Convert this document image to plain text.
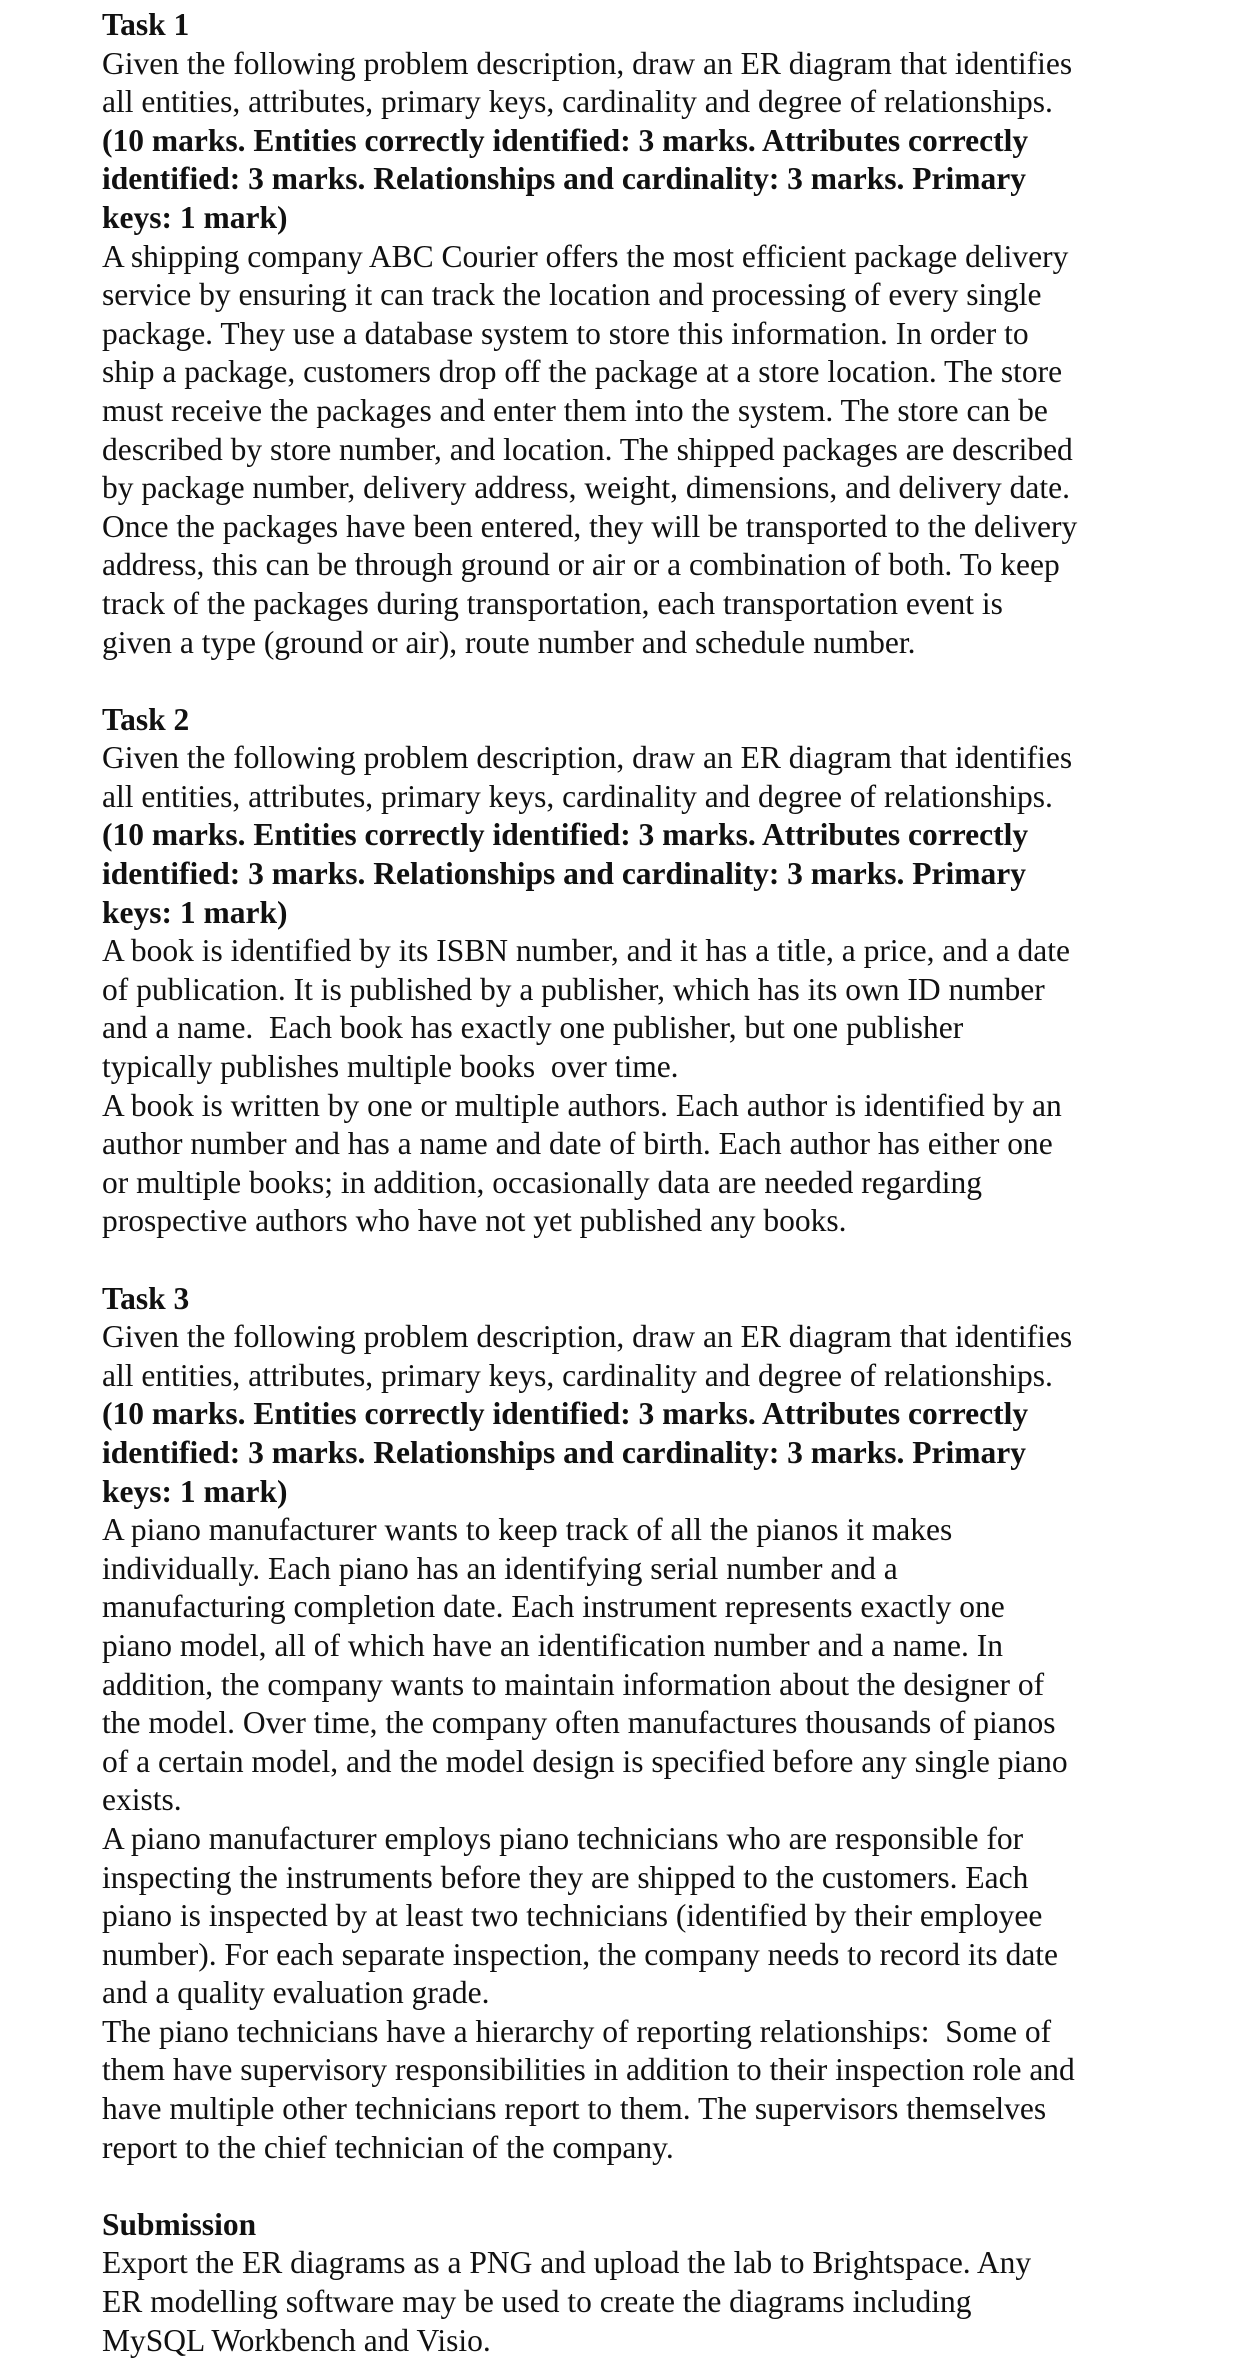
Task 1
Given the following problem description, draw an ER diagram that identifies
all entities, attributes, primary keys, cardinality and degree of relationships.
(10 marks. Entities correctly identified: 3 marks. Attributes correctly
identified: 3 marks. Relationships and cardinality: 3 marks. Primary
keys: 1 mark)
A shipping company ABC Courier offers the most efficient package delivery
service by ensuring it can track the location and processing of every single
package. They use a database system to store this information. In order to
ship a package, customers drop off the package at a store location. The store
must receive the packages and enter them into the system. The store can be
described by store number, and location. The shipped packages are described
by package number, delivery address, weight, dimensions, and delivery date.
Once the packages have been entered, they will be transported to the delivery
address, this can be through ground or air or a combination of both. To keep
track of the packages during transportation, each transportation event is
given a type (ground or air), route number and schedule number.
Task 2
Given the following problem description, draw an ER diagram that identifies
all entities, attributes, primary keys, cardinality and degree of relationships.
(10 marks. Entities correctly identified: 3 marks. Attributes correctly
identified: 3 marks. Relationships and cardinality: 3 marks. Primary
keys: 1 mark)
A book is identified by its ISBN number, and it has a title, a price, and a date
of publication. It is published by a publisher, which has its own ID number
and a name.  Each book has exactly one publisher, but one publisher
typically publishes multiple books  over time.
A book is written by one or multiple authors. Each author is identified by an
author number and has a name and date of birth. Each author has either one
or multiple books; in addition, occasionally data are needed regarding
prospective authors who have not yet published any books.
Task 3
Given the following problem description, draw an ER diagram that identifies
all entities, attributes, primary keys, cardinality and degree of relationships.
(10 marks. Entities correctly identified: 3 marks. Attributes correctly
identified: 3 marks. Relationships and cardinality: 3 marks. Primary
keys: 1 mark)
A piano manufacturer wants to keep track of all the pianos it makes
individually. Each piano has an identifying serial number and a
manufacturing completion date. Each instrument represents exactly one
piano model, all of which have an identification number and a name. In
addition, the company wants to maintain information about the designer of
the model. Over time, the company often manufactures thousands of pianos
of a certain model, and the model design is specified before any single piano
exists.
A piano manufacturer employs piano technicians who are responsible for
inspecting the instruments before they are shipped to the customers. Each
piano is inspected by at least two technicians (identified by their employee
number). For each separate inspection, the company needs to record its date
and a quality evaluation grade.
The piano technicians have a hierarchy of reporting relationships:  Some of
them have supervisory responsibilities in addition to their inspection role and
have multiple other technicians report to them. The supervisors themselves
report to the chief technician of the company.
Submission
Export the ER diagrams as a PNG and upload the lab to Brightspace. Any
ER modelling software may be used to create the diagrams including
MySQL Workbench and Visio.
